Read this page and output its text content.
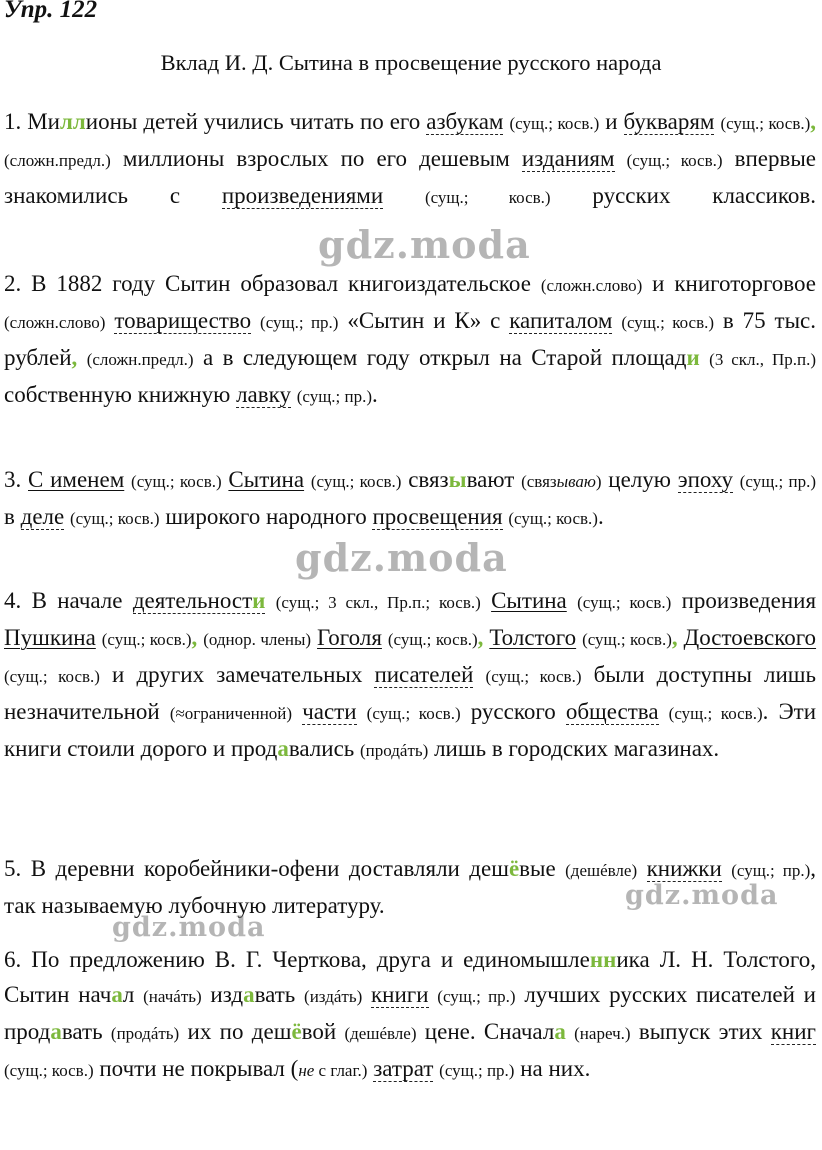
Упр. 122
Вклад И. Д. Сытина в просвещение русского народа
1. Миллионы детей учились читать по его азбукам (сущ.; косв.) и букварям (сущ.; косв.), (сложн.предл.) миллионы взрослых по его дешевым изданиям (сущ.; косв.) впервые знакомились с произведениями (сущ.; косв.) русских классиков.
2. В 1882 году Сытин образовал книгоиздательское (сложн.слово) и книготорговое (сложн.слово) товарищество (сущ.; пр.) «Сытин и К» с капиталом (сущ.; косв.) в 75 тыс. рублей, (сложн.предл.) а в следующем году открыл на Старой площади (3 скл., Пр.п.) собственную книжную лавку (сущ.; пр.).
3. С именем (сущ.; косв.) Сытина (сущ.; косв.) связывают (связываю) целую эпоху (сущ.; пр.) в деле (сущ.; косв.) широкого народного просвещения (сущ.; косв.).
4. В начале деятельности (сущ.; 3 скл., Пр.п.; косв.) Сытина (сущ.; косв.) произведения Пушкина (сущ.; косв.), (однор. члены) Гоголя (сущ.; косв.), Толстого (сущ.; косв.), Достоевского (сущ.; косв.) и других замечательных писателей (сущ.; косв.) были доступны лишь незначительной (≈ограниченной) части (сущ.; косв.) русского общества (сущ.; косв.). Эти книги стоили дорого и продавались (продáть) лишь в городских магазинах.
5. В деревни коробейники-офени доставляли дешёвые (дешéвле) книжки (сущ.; пр.), так называемую лубочную литературу.
6. По предложению В. Г. Черткова, друга и единомышленника Л. Н. Толстого, Сытин начал (начáть) издавать (издáть) книги (сущ.; пр.) лучших русских писателей и продавать (продáть) их по дешёвой (дешéвле) цене. Сначала (нареч.) выпуск этих книг (сущ.; косв.) почти не покрывал (не с глаг.) затрат (сущ.; пр.) на них.
gdz.moda
gdz.moda
gdz.moda
gdz.moda
